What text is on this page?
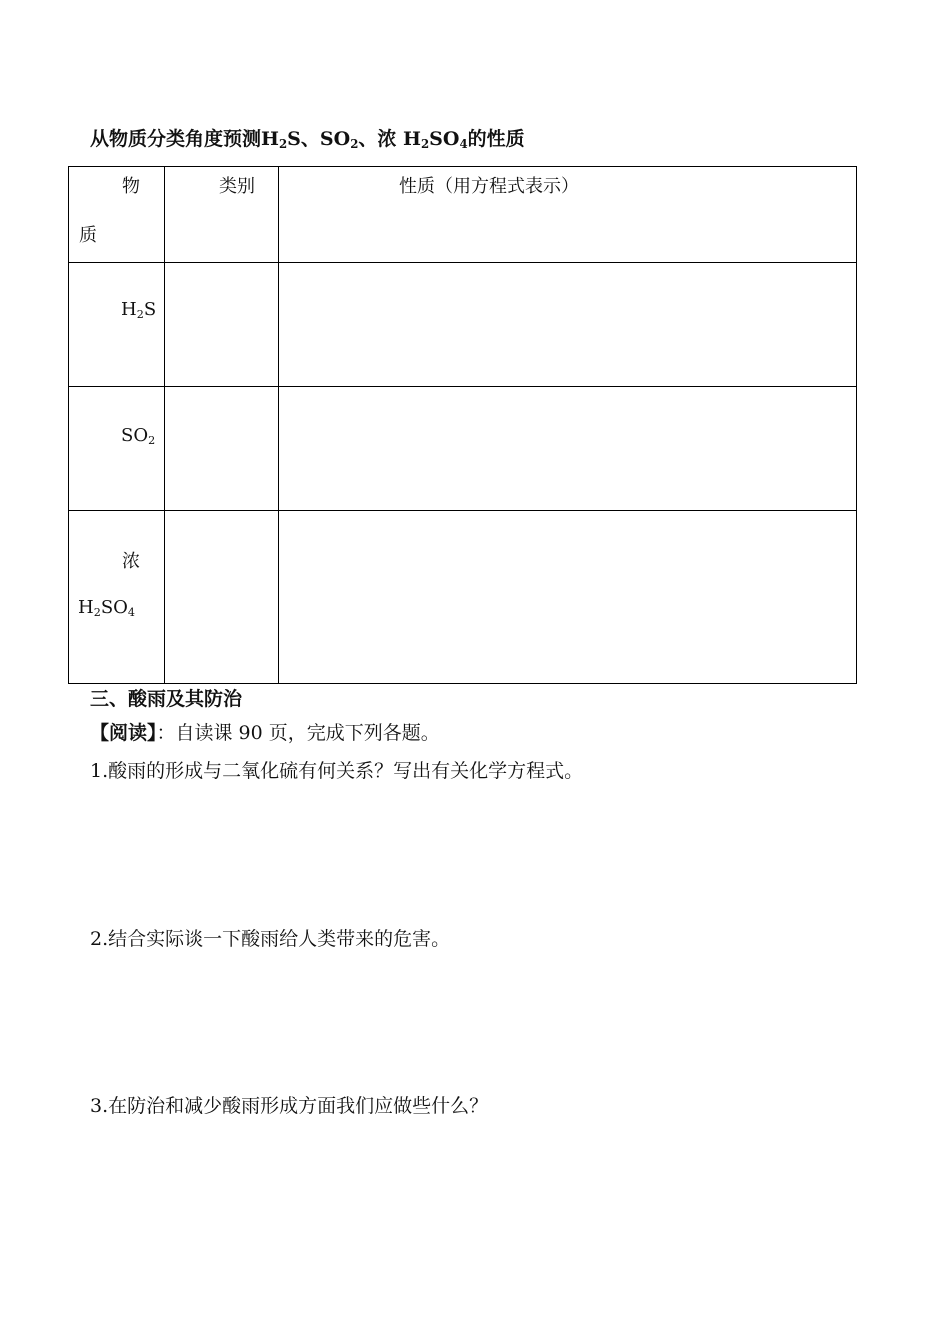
从物质分类角度预测$H_2S$、$SO_2$、浓 $H_2SO_4$的性质
物
质	类别	性质（用方程式表示）

$H_2S$		

$SO_2$

浓
$H_2SO_4$

三、酸雨及其防治
【阅读】：自读课 90 页，完成下列各题。
1.酸雨的形成与二氧化硫有何关系？写出有关化学方程式。
2.结合实际谈一下酸雨给人类带来的危害。
3.在防治和减少酸雨形成方面我们应做些什么？
